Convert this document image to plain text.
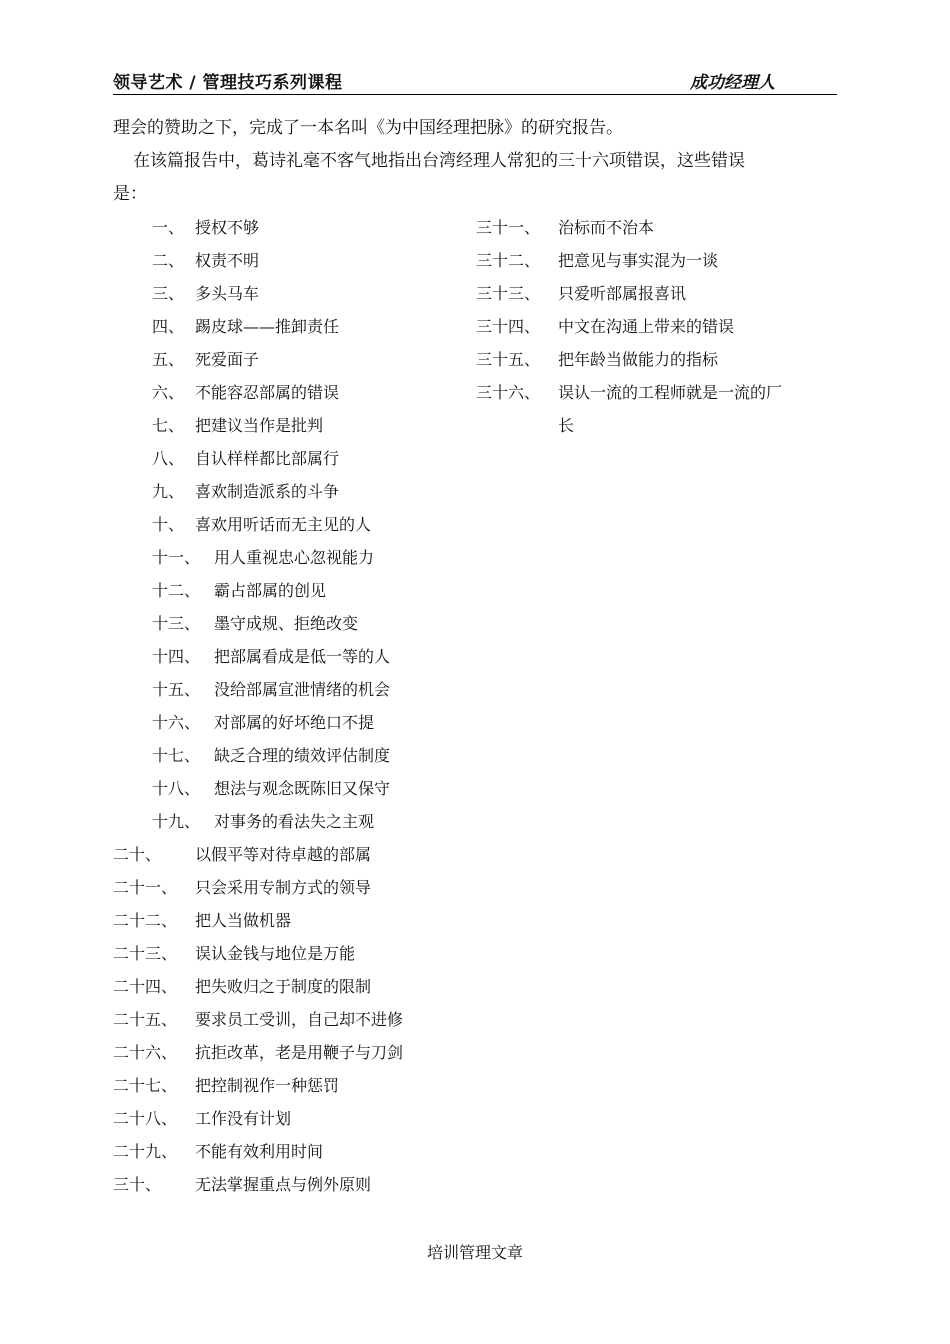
领导艺术 / 管理技巧系列课程	成功经理人
理会的赞助之下，完成了一本名叫《为中国经理把脉》的研究报告。
在该篇报告中，葛诗礼毫不客气地指出台湾经理人常犯的三十六项错误，这些错误
是：
一、 授权不够
二、 权责不明
三、 多头马车
四、 踢皮球——推卸责任
五、 死爱面子
六、 不能容忍部属的错误
七、 把建议当作是批判
八、 自认样样都比部属行
九、 喜欢制造派系的斗争
十、 喜欢用听话而无主见的人
十一、 用人重视忠心忽视能力
十二、 霸占部属的创见
十三、 墨守成规、拒绝改变
十四、 把部属看成是低一等的人
十五、 没给部属宣泄情绪的机会
十六、 对部属的好坏绝口不提
十七、 缺乏合理的绩效评估制度
十八、 想法与观念既陈旧又保守
十九、 对事务的看法失之主观
二十、 以假平等对待卓越的部属
二十一、 只会采用专制方式的领导
二十二、 把人当做机器
二十三、 误认金钱与地位是万能
二十四、 把失败归之于制度的限制
二十五、 要求员工受训，自己却不进修
二十六、 抗拒改革，老是用鞭子与刀剑
二十七、 把控制视作一种惩罚
二十八、 工作没有计划
二十九、 不能有效利用时间
三十、 无法掌握重点与例外原则
三十一、 治标而不治本
三十二、 把意见与事实混为一谈
三十三、 只爱听部属报喜讯
三十四、 中文在沟通上带来的错误
三十五、 把年龄当做能力的指标
三十六、 误认一流的工程师就是一流的厂
长
培训管理文章
